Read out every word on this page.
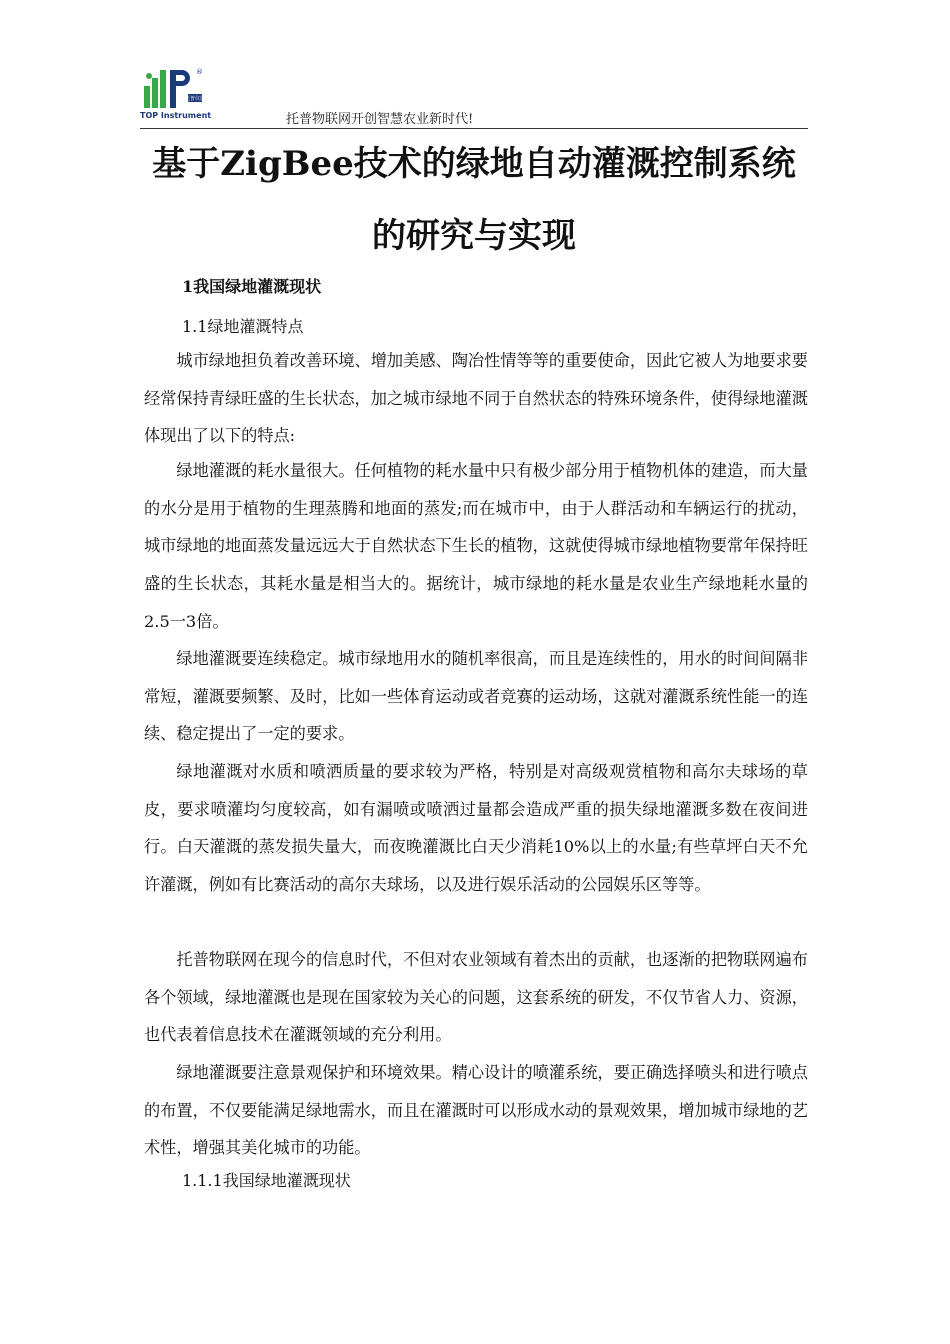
托普仪器
®
TOP Instrument	托普物联网开创智慧农业新时代!
基于ZigBee技术的绿地自动灌溉控制系统
的研究与实现
1我国绿地灌溉现状
1.1绿地灌溉特点

城市绿地担负着改善环境、增加美感、陶冶性情等等的重要使命，因此它被人为地要求要经常保持青绿旺盛的生长状态，加之城市绿地不同于自然状态的特殊环境条件，使得绿地灌溉体现出了以下的特点:

绿地灌溉的耗水量很大。任何植物的耗水量中只有极少部分用于植物机体的建造，而大量的水分是用于植物的生理蒸腾和地面的蒸发;而在城市中，由于人群活动和车辆运行的扰动，城市绿地的地面蒸发量远远大于自然状态下生长的植物，这就使得城市绿地植物要常年保持旺盛的生长状态，其耗水量是相当大的。据统计，城市绿地的耗水量是农业生产绿地耗水量的2.5一3倍。

绿地灌溉要连续稳定。城市绿地用水的随机率很高，而且是连续性的，用水的时间间隔非常短，灌溉要频繁、及时，比如一些体育运动或者竞赛的运动场，这就对灌溉系统性能一的连续、稳定提出了一定的要求。

绿地灌溉对水质和喷洒质量的要求较为严格，特别是对高级观赏植物和高尔夫球场的草皮，要求喷灌均匀度较高，如有漏喷或喷洒过量都会造成严重的损失绿地灌溉多数在夜间进行。白天灌溉的蒸发损失量大，而夜晚灌溉比白天少消耗10%以上的水量;有些草坪白天不允许灌溉，例如有比赛活动的高尔夫球场，以及进行娱乐活动的公园娱乐区等等。

托普物联网在现今的信息时代，不但对农业领域有着杰出的贡献，也逐渐的把物联网遍布各个领域，绿地灌溉也是现在国家较为关心的问题，这套系统的研发，不仅节省人力、资源，也代表着信息技术在灌溉领域的充分利用。

绿地灌溉要注意景观保护和环境效果。精心设计的喷灌系统，要正确选择喷头和进行喷点的布置，不仅要能满足绿地需水，而且在灌溉时可以形成水动的景观效果，增加城市绿地的艺术性，增强其美化城市的功能。

1.1.1我国绿地灌溉现状
